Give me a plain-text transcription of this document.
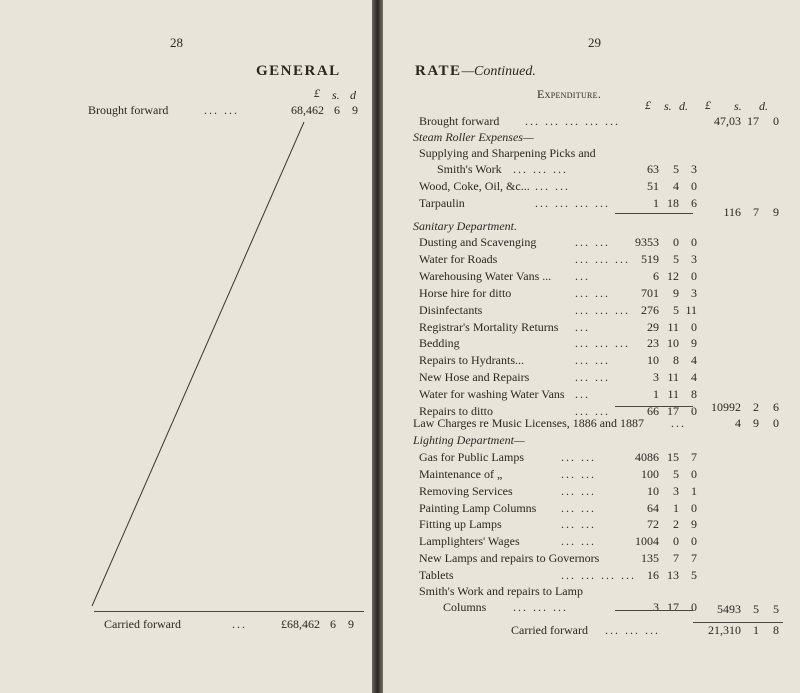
28
GENERAL
£ s. d
Brought forward	... ...	68,462 6	9
Carried forward	...	£68,462 6	9
29
RATE—Continued.
Expenditure.
£ s. d. £ s. d.
Brought forward ... ... ... ... ...	47,03 17	0
Steam Roller Expenses—
Supplying and Sharpening Picks and
Smith's Work ... ... ...	63	5	3
Wood, Coke, Oil, &c... ... ...	51	4	0
Tarpaulin	... ... ... ...	1 18	6
116	7	9
Sanitary Department.
Dusting and Scavenging	... ...	9353	0	0
Water for Roads	... ... ... 519	5	3
Warehousing Water Vans ... ...	6 12	0
Horse hire for ditto	... ...	701	9	3
Disinfectants	... ... ... 276	5 11
Registrar's Mortality Returns ...	29 11	0
Bedding	... ... ...	23 10	9
Repairs to Hydrants...	... ...	10	8	4
New Hose and Repairs	... ...	3 11	4
Water for washing Water Vans ...	1 11	8
Repairs to ditto	... ...	66 17	0	10992	2	6
Law Charges re Music Licenses, 1886 and 1887 ...	4	9	0
Lighting Department—
Gas for Public Lamps	... ...	4086 15	7
Maintenance of „	... ...	100	5	0
Removing Services	... ...	10	3	1
Painting Lamp Columns ... ...	64	1	0
Fitting up Lamps	... ...	72	2	9
Lamplighters' Wages	... ...	1004	0	0
New Lamps and repairs to Governors	135	7	7
Tablets	... ... ... ... 16 13	5
Smith's Work and repairs to Lamp
Columns ... ... ...	3 17	0	5493	5	5
Carried forward ... ... ...	21,310	1	8
